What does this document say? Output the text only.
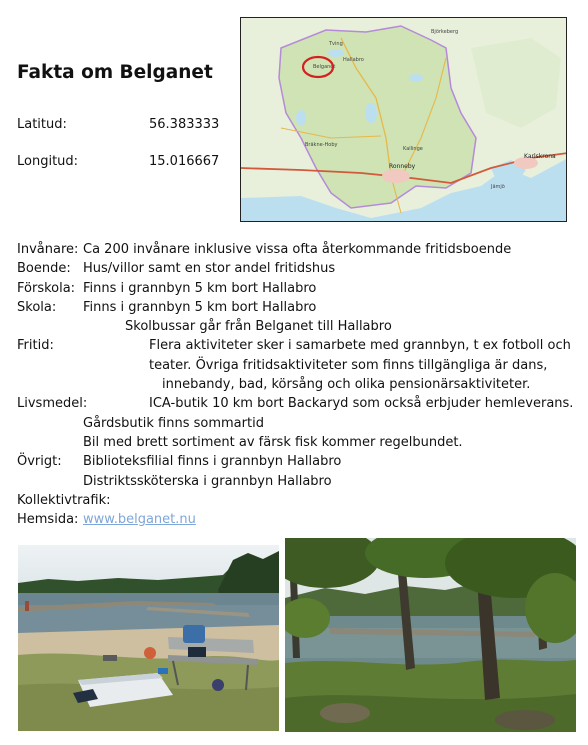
Fakta om Belganet
Latitud:	56.383333
Longitud:	15.016667
Tving
Belganet
Hallabro
Bräkne-Hoby
Kallinge
Ronneby
Karlskrona
Jämjö
Björkeberg
Invånare: Ca 200 invånare inklusive vissa ofta återkommande fritidsboende
Boende: Hus/villor samt en stor andel fritidshus
Förskola: Finns i grannbyn 5 km bort Hallabro
Skola: Finns i grannbyn 5 km bort Hallabro
Skolbussar går från Belganet till Hallabro
Fritid:	Flera aktiviteter sker i samarbete med grannbyn, t ex fotboll och
teater. Övriga fritidsaktiviteter som finns tillgängliga är dans,
innebandy, bad, körsång och olika pensionärsaktiviteter.
Livsmedel:	ICA-butik 10 km bort Backaryd som också erbjuder hemleverans.
Gårdsbutik finns sommartid
Bil med brett sortiment av färsk fisk kommer regelbundet.
Övrigt: Biblioteksfilial finns i grannbyn Hallabro
Distriktssköterska i grannbyn Hallabro
Kollektivtrafik:
Hemsida: www.belganet.nu
